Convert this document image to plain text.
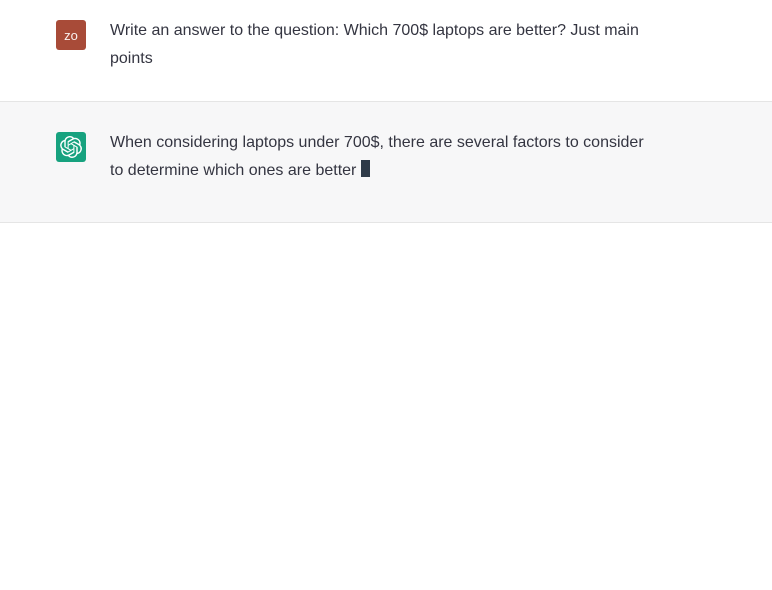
zo Write an answer to the question: Which 700$ laptops are better? Just main
points
When considering laptops under 700$, there are several factors to consider
to determine which ones are better
